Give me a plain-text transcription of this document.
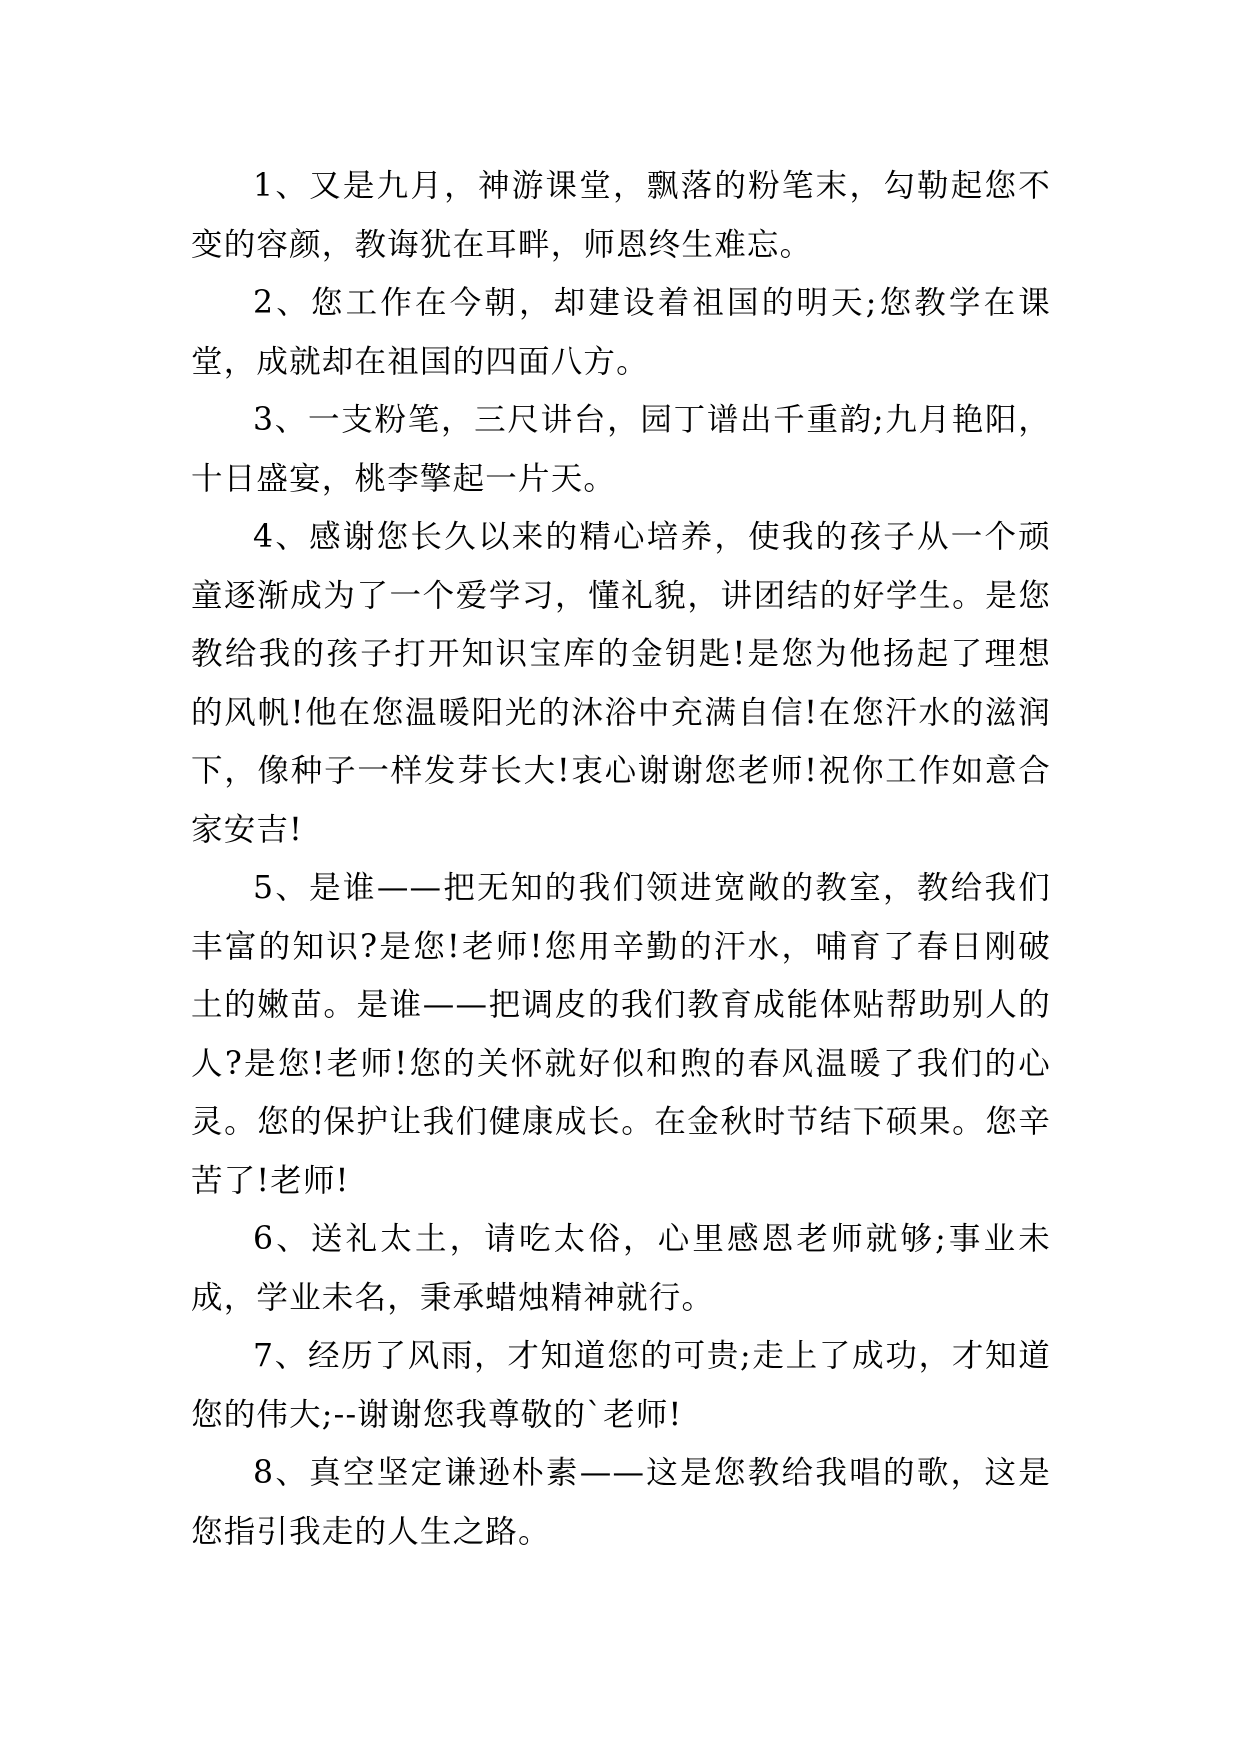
1、又是九月，神游课堂，飘落的粉笔末，勾勒起您不变的容颜，教诲犹在耳畔，师恩终生难忘。

2、您工作在今朝，却建设着祖国的明天;您教学在课堂，成就却在祖国的四面八方。

3、一支粉笔，三尺讲台，园丁谱出千重韵;九月艳阳，十日盛宴，桃李擎起一片天。

4、感谢您长久以来的精心培养，使我的孩子从一个顽童逐渐成为了一个爱学习，懂礼貌，讲团结的好学生。是您教给我的孩子打开知识宝库的金钥匙!是您为他扬起了理想的风帆!他在您温暖阳光的沐浴中充满自信!在您汗水的滋润下，像种子一样发芽长大!衷心谢谢您老师!祝你工作如意合家安吉!

5、是谁——把无知的我们领进宽敞的教室，教给我们丰富的知识?是您!老师!您用辛勤的汗水，哺育了春日刚破土的嫩苗。是谁——把调皮的我们教育成能体贴帮助别人的人?是您!老师!您的关怀就好似和煦的春风温暖了我们的心灵。您的保护让我们健康成长。在金秋时节结下硕果。您辛苦了!老师!

6、送礼太土，请吃太俗，心里感恩老师就够;事业未成，学业未名，秉承蜡烛精神就行。

7、经历了风雨，才知道您的可贵;走上了成功，才知道您的伟大;--谢谢您我尊敬的`老师!

8、真空坚定谦逊朴素——这是您教给我唱的歌，这是您指引我走的人生之路。
